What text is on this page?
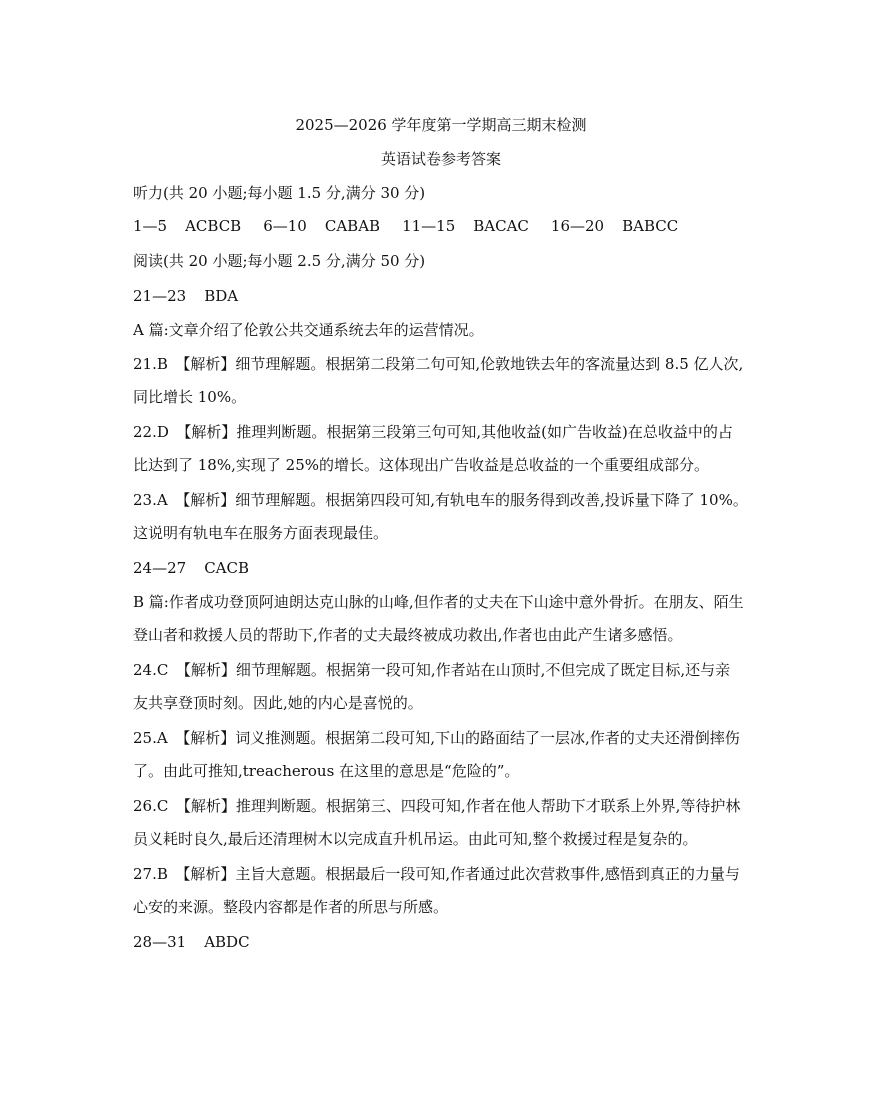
2025—2026 学年度第一学期高三期末检测
英语试卷参考答案
听力(共 20 小题;每小题 1.5 分,满分 30 分)
1—5 ACBCB 6—10 CABAB 11—15 BACAC 16—20 BABCC
阅读(共 20 小题;每小题 2.5 分,满分 50 分)
21—23 BDA
A 篇:文章介绍了伦敦公共交通系统去年的运营情况。
21.B　【解析】细节理解题。根据第二段第二句可知,伦敦地铁去年的客流量达到 8.5 亿人次,
同比增长 10%。
22.D　【解析】推理判断题。根据第三段第三句可知,其他收益(如广告收益)在总收益中的占
比达到了 18%,实现了 25%的增长。这体现出广告收益是总收益的一个重要组成部分。
23.A　【解析】细节理解题。根据第四段可知,有轨电车的服务得到改善,投诉量下降了 10%。
这说明有轨电车在服务方面表现最佳。
24—27 CACB
B 篇:作者成功登顶阿迪朗达克山脉的山峰,但作者的丈夫在下山途中意外骨折。在朋友、陌生
登山者和救援人员的帮助下,作者的丈夫最终被成功救出,作者也由此产生诸多感悟。
24.C　【解析】细节理解题。根据第一段可知,作者站在山顶时,不但完成了既定目标,还与亲
友共享登顶时刻。因此,她的内心是喜悦的。
25.A　【解析】词义推测题。根据第二段可知,下山的路面结了一层冰,作者的丈夫还滑倒摔伤
了。由此可推知,treacherous 在这里的意思是“危险的”。
26.C　【解析】推理判断题。根据第三、四段可知,作者在他人帮助下才联系上外界,等待护林
员义耗时良久,最后还清理树木以完成直升机吊运。由此可知,整个救援过程是复杂的。
27.B　【解析】主旨大意题。根据最后一段可知,作者通过此次营救事件,感悟到真正的力量与
心安的来源。整段内容都是作者的所思与所感。
28—31 ABDC
